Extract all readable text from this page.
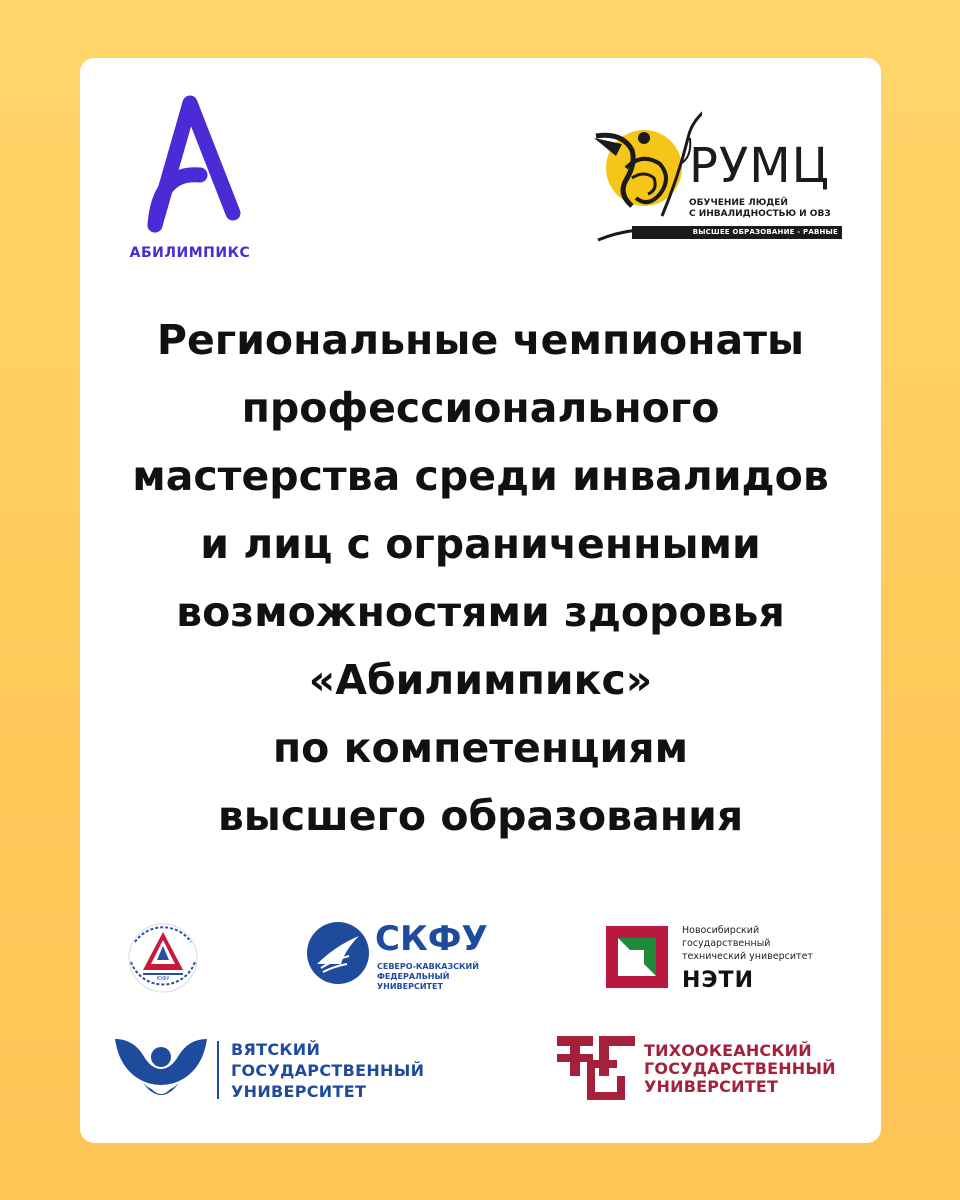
АБИЛИМПИКС
РУМЦ
ОБУЧЕНИЕ ЛЮДЕЙ
С ИНВАЛИДНОСТЬЮ И ОВЗ
ВЫСШЕЕ ОБРАЗОВАНИЕ - РАВНЫЕ ВОЗМОЖНОСТИ
Региональные чемпионаты
профессионального
мастерства среди инвалидов
и лиц с ограниченными
возможностями здоровья
«Абилимпикс»
по компетенциям
высшего образования
ЮФУ
СКФУ
СЕВЕРО-КАВКАЗСКИЙ
ФЕДЕРАЛЬНЫЙ
УНИВЕРСИТЕТ
Новосибирский
государственный
технический университет
НЭТИ
ВЯТСКИЙ
ГОСУДАРСТВЕННЫЙ
УНИВЕРСИТЕТ
ТИХООКЕАНСКИЙ
ГОСУДАРСТВЕННЫЙ
УНИВЕРСИТЕТ
